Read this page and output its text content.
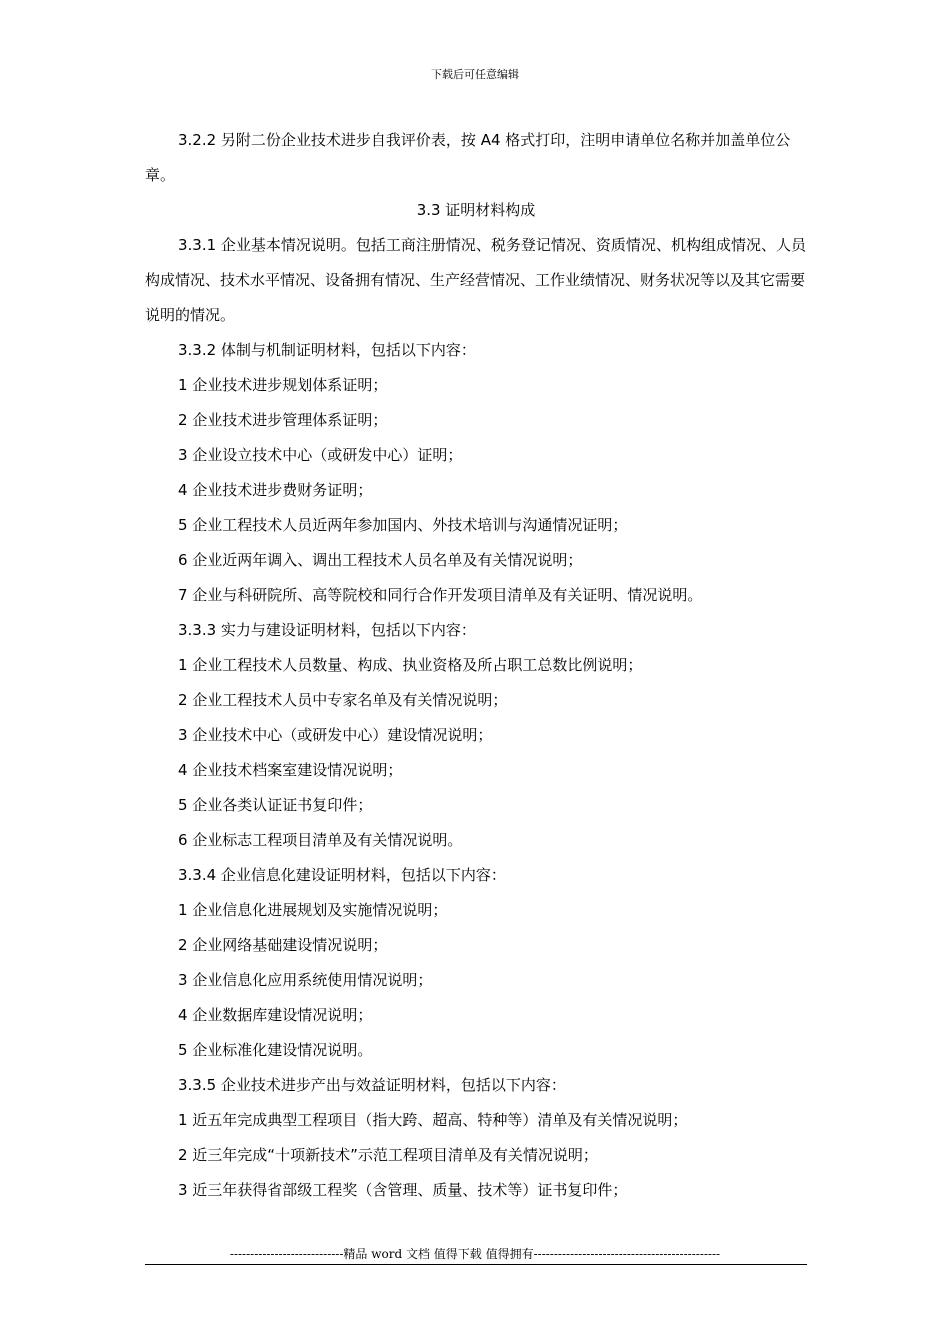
下载后可任意编辑

3.2.2 另附二份企业技术进步自我评价表，按 A4 格式打印，注明申请单位名称并加盖单位公章。

3.3 证明材料构成

3.3.1 企业基本情况说明。包括工商注册情况、税务登记情况、资质情况、机构组成情况、人员构成情况、技术水平情况、设备拥有情况、生产经营情况、工作业绩情况、财务状况等以及其它需要说明的情况。

3.3.2 体制与机制证明材料，包括以下内容：

1 企业技术进步规划体系证明；

2 企业技术进步管理体系证明；

3 企业设立技术中心（或研发中心）证明；

4 企业技术进步费财务证明；

5 企业工程技术人员近两年参加国内、外技术培训与沟通情况证明；

6 企业近两年调入、调出工程技术人员名单及有关情况说明；

7 企业与科研院所、高等院校和同行合作开发项目清单及有关证明、情况说明。

3.3.3 实力与建设证明材料，包括以下内容：

1 企业工程技术人员数量、构成、执业资格及所占职工总数比例说明；

2 企业工程技术人员中专家名单及有关情况说明；

3 企业技术中心（或研发中心）建设情况说明；

4 企业技术档案室建设情况说明；

5 企业各类认证证书复印件；

6 企业标志工程项目清单及有关情况说明。

3.3.4 企业信息化建设证明材料，包括以下内容：

1 企业信息化进展规划及实施情况说明；

2 企业网络基础建设情况说明；

3 企业信息化应用系统使用情况说明；

4 企业数据库建设情况说明；

5 企业标准化建设情况说明。

3.3.5 企业技术进步产出与效益证明材料，包括以下内容：

1 近五年完成典型工程项目（指大跨、超高、特种等）清单及有关情况说明；

2 近三年完成“十项新技术”示范工程项目清单及有关情况说明；

3 近三年获得省部级工程奖（含管理、质量、技术等）证书复印件；

----------------------------精品 word 文档 值得下载 值得拥有----------------------------------------------
